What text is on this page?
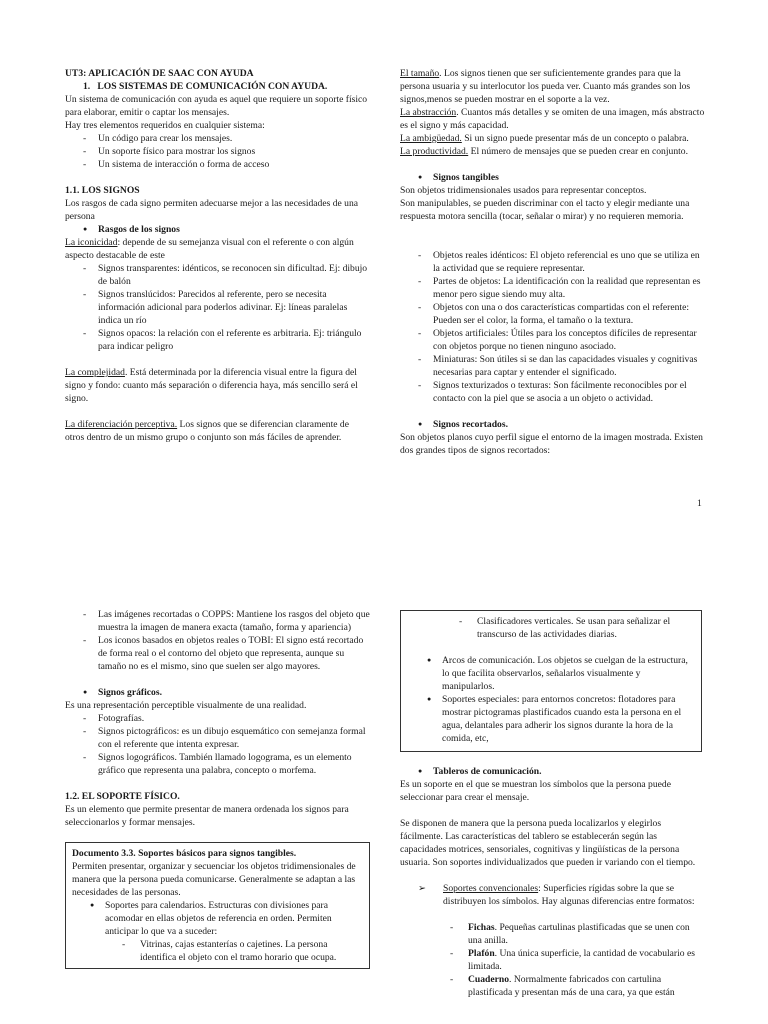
UT3: APLICACIÓN DE SAAC CON AYUDA

1.   LOS SISTEMAS DE COMUNICACIÓN CON AYUDA.

Un sistema de comunicación con ayuda es aquel que requiere un soporte físico para elaborar, emitir o captar los mensajes.

Hay tres elementos requeridos en cualquier sistema:

- Un código para crear los mensajes.
- Un soporte físico para mostrar los signos
- Un sistema de interacción o forma de acceso

1.1. LOS SIGNOS

Los rasgos de cada signo permiten adecuarse mejor a las necesidades de una persona

● Rasgos de los signos

La iconicidad: depende de su semejanza visual con el referente o con algún aspecto destacable de este

- Signos transparentes: idénticos, se reconocen sin dificultad. Ej: dibujo de balón
- Signos translúcidos: Parecidos al referente, pero se necesita información adicional para poderlos adivinar. Ej: líneas paralelas indica un río
- Signos opacos: la relación con el referente es arbitraria. Ej: triángulo para indicar peligro

La complejidad. Está determinada por la diferencia visual entre la figura del signo y fondo: cuanto más separación o diferencia haya, más sencillo será el signo.

La diferenciación perceptiva. Los signos que se diferencian claramente de otros dentro de un mismo grupo o conjunto son más fáciles de aprender.

El tamaño. Los signos tienen que ser suficientemente grandes para que la persona usuaria y su interlocutor los pueda ver. Cuanto más grandes son los signos,menos se pueden mostrar en el soporte a la vez.

La abstracción. Cuantos más detalles y se omiten de una imagen, más abstracto es el signo y más capacidad.

La ambigüedad. Si un signo puede presentar más de un concepto o palabra.

La productividad. El número de mensajes que se pueden crear en conjunto.

● Signos tangibles

Son objetos tridimensionales usados para representar conceptos.

Son manipulables, se pueden discriminar con el tacto y elegir mediante una respuesta motora sencilla (tocar, señalar o mirar) y no requieren memoria.

- Objetos reales idénticos: El objeto referencial es uno que se utiliza en la actividad que se requiere representar.
- Partes de objetos: La identificación con la realidad que representan es menor pero sigue siendo muy alta.
- Objetos con una o dos características compartidas con el referente: Pueden ser el color, la forma, el tamaño o la textura.
- Objetos artificiales: Útiles para los conceptos difíciles de representar con objetos porque no tienen ninguno asociado.
- Miniaturas: Son útiles si se dan las capacidades visuales y cognitivas necesarias para captar y entender el significado.
- Signos texturizados o texturas: Son fácilmente reconocibles por el contacto con la piel que se asocia a un objeto o actividad.
● Signos recortados.

Son objetos planos cuyo perfil sigue el entorno de la imagen mostrada. Existen dos grandes tipos de signos recortados:

1
- Las imágenes recortadas o COPPS: Mantiene los rasgos del objeto que muestra la imagen de manera exacta (tamaño, forma y apariencia)
- Los iconos basados en objetos reales o TOBI: El signo está recortado de forma real o el contorno del objeto que representa, aunque su tamaño no es el mismo, sino que suelen ser algo mayores.
● Signos gráficos.

Es una representación perceptible visualmente de una realidad.

- Fotografías.
- Signos pictográficos: es un dibujo esquemático con semejanza formal con el referente que intenta expresar.
- Signos logográficos. También llamado logograma, es un elemento gráfico que representa una palabra, concepto o morfema.

1.2. EL SOPORTE FÍSICO.

Es un elemento que permite presentar de manera ordenada los signos para seleccionarlos y formar mensajes.

Documento 3.3. Soportes básicos para signos tangibles.

Permiten presentar, organizar y secuenciar los objetos tridimensionales de manera que la persona pueda comunicarse. Generalmente se adaptan a las necesidades de las personas.

● Soportes para calendarios. Estructuras con divisiones para acomodar en ellas objetos de referencia en orden. Permiten anticipar lo que va a suceder:
- Vitrinas, cajas estanterías o cajetines. La persona identifica el objeto con el tramo horario que ocupa.
- Clasificadores verticales. Se usan para señalizar el transcurso de las actividades diarias.
● Arcos de comunicación. Los objetos se cuelgan de la estructura, lo que facilita observarlos, señalarlos visualmente y manipularlos.
● Soportes especiales: para entornos concretos: flotadores para mostrar pictogramas plastificados cuando esta la persona en el agua, delantales para adherir los signos durante la hora de la comida, etc,
● Tableros de comunicación.

Es un soporte en el que se muestran los símbolos que la persona puede seleccionar para crear el mensaje.

Se disponen de manera que la persona pueda localizarlos y elegirlos fácilmente. Las características del tablero se establecerán según las capacidades motrices, sensoriales, cognitivas y lingüísticas de la persona usuaria. Son soportes individualizados que pueden ir variando con el tiempo.

➢ Soportes convencionales: Superficies rígidas sobre la que se distribuyen los símbolos. Hay algunas diferencias entre formatos:
- Fichas. Pequeñas cartulinas plastificadas que se unen con una anilla.
- Plafón. Una única superficie, la cantidad de vocabulario es limitada.
- Cuaderno. Normalmente fabricados con cartulina plastificada y presentan más de una cara, ya que están
